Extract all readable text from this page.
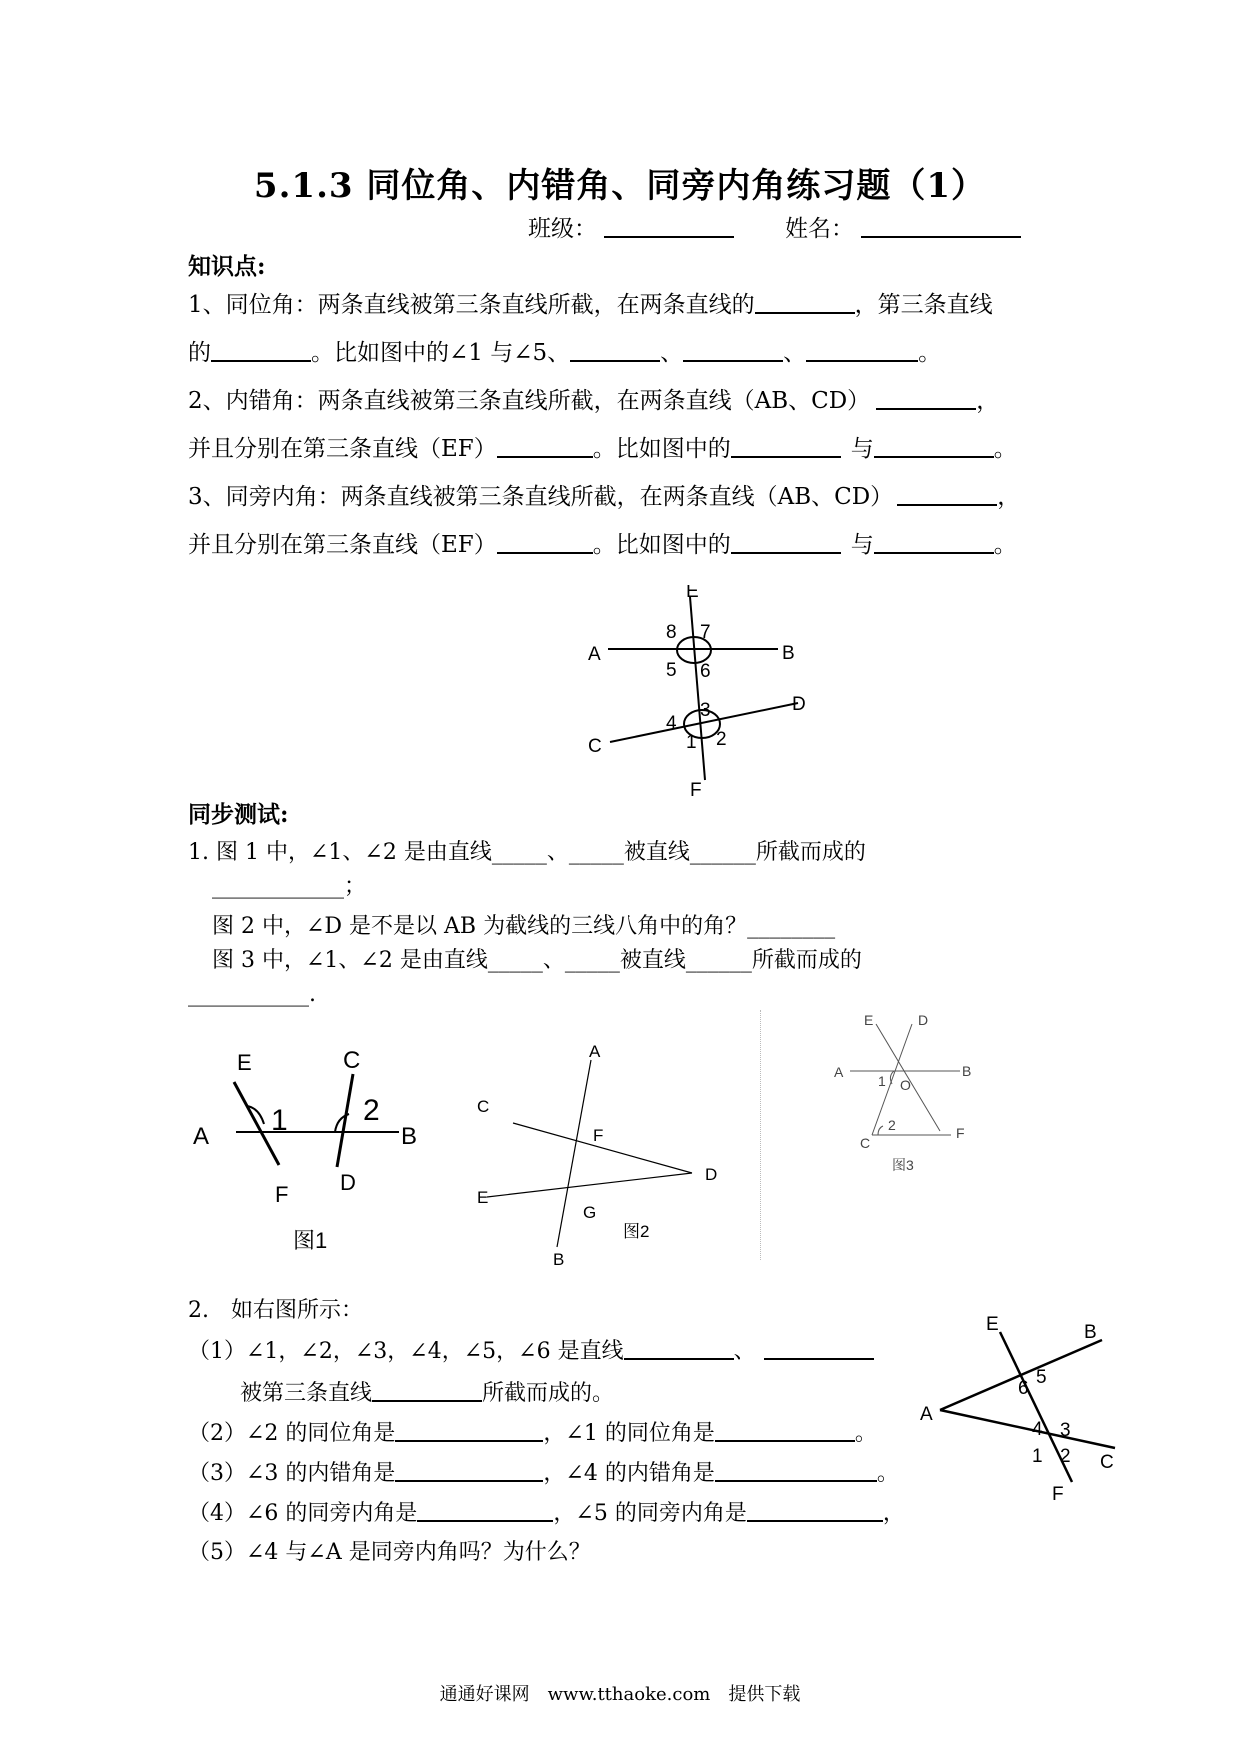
5.1.3 同位角、内错角、同旁内角练习题（1）
班级：	姓名：
知识点:
1、同位角：两条直线被第三条直线所截，在两条直线的	，第三条直线
的	。比如图中的∠1 与∠5、	、	、	。
2、内错角：两条直线被第三条直线所截，在两条直线（AB、CD）	，
并且分别在第三条直线（EF）	。比如图中的	与	。
3、同旁内角：两条直线被第三条直线所截，在两条直线（AB、CD）	，
并且分别在第三条直线（EF）	。比如图中的	与	。
E
F
A	B
C
D
8 7
5 6
3
4
1 2
同步测试:
1. 图 1 中，∠1、∠2 是由直线_____、_____被直线______所截而成的
____________；
图 2 中，∠D 是不是以 AB 为截线的三线八角中的角？________
图 3 中，∠1、∠2 是由直线_____、_____被直线______所截而成的
___________.
E	C
A	B
F D
1	2
图1
A
C
F
E
D
G
B
图2
E	D
A	B
O
1
2
C
F
图3
2.　如右图所示：
（1）∠1，∠2，∠3，∠4，∠5，∠6 是直线	、
被第三条直线	所截而成的。
（2）∠2 的同位角是	，∠1 的同位角是	。
（3）∠3 的内错角是	，∠4 的内错角是	。
（4）∠6 的同旁内角是	，∠5 的同旁内角是	，
（5）∠4 与∠A 是同旁内角吗？为什么？
E	B
A
C
F
5
6
4 3
1 2
通通好课网　www.tthaoke.com　提供下载
